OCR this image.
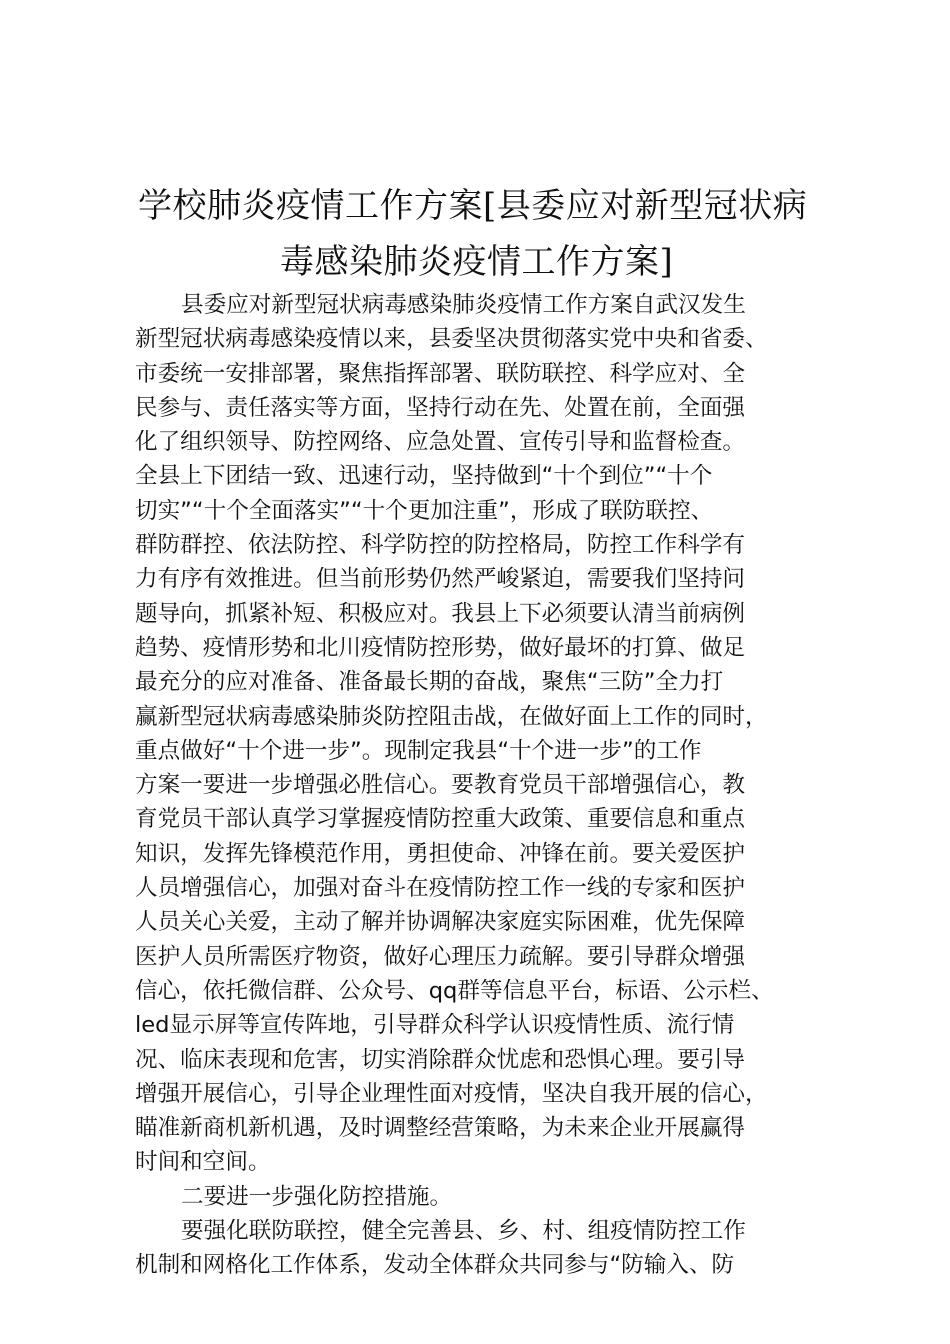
学校肺炎疫情工作方案[县委应对新型冠状病
毒感染肺炎疫情工作方案]
县委应对新型冠状病毒感染肺炎疫情工作方案自武汉发生
新型冠状病毒感染疫情以来，县委坚决贯彻落实党中央和省委、
市委统一安排部署，聚焦指挥部署、联防联控、科学应对、全
民参与、责任落实等方面，坚持行动在先、处置在前，全面强
化了组织领导、防控网络、应急处置、宣传引导和监督检查。
全县上下团结一致、迅速行动，坚持做到“十个到位”“十个
切实”“十个全面落实”“十个更加注重”，形成了联防联控、
群防群控、依法防控、科学防控的防控格局，防控工作科学有
力有序有效推进。但当前形势仍然严峻紧迫，需要我们坚持问
题导向，抓紧补短、积极应对。我县上下必须要认清当前病例
趋势、疫情形势和北川疫情防控形势，做好最坏的打算、做足
最充分的应对准备、准备最长期的奋战，聚焦“三防”全力打
赢新型冠状病毒感染肺炎防控阻击战，在做好面上工作的同时，
重点做好“十个进一步”。现制定我县“十个进一步”的工作
方案一要进一步增强必胜信心。要教育党员干部增强信心，教
育党员干部认真学习掌握疫情防控重大政策、重要信息和重点
知识，发挥先锋模范作用，勇担使命、冲锋在前。要关爱医护
人员增强信心，加强对奋斗在疫情防控工作一线的专家和医护
人员关心关爱，主动了解并协调解决家庭实际困难，优先保障
医护人员所需医疗物资，做好心理压力疏解。要引导群众增强
信心，依托微信群、公众号、qq群等信息平台，标语、公示栏、
led显示屏等宣传阵地，引导群众科学认识疫情性质、流行情
况、临床表现和危害，切实消除群众忧虑和恐惧心理。要引导
增强开展信心，引导企业理性面对疫情，坚决自我开展的信心，
瞄准新商机新机遇，及时调整经营策略，为未来企业开展赢得
时间和空间。
二要进一步强化防控措施。
要强化联防联控，健全完善县、乡、村、组疫情防控工作
机制和网格化工作体系，发动全体群众共同参与“防输入、防
